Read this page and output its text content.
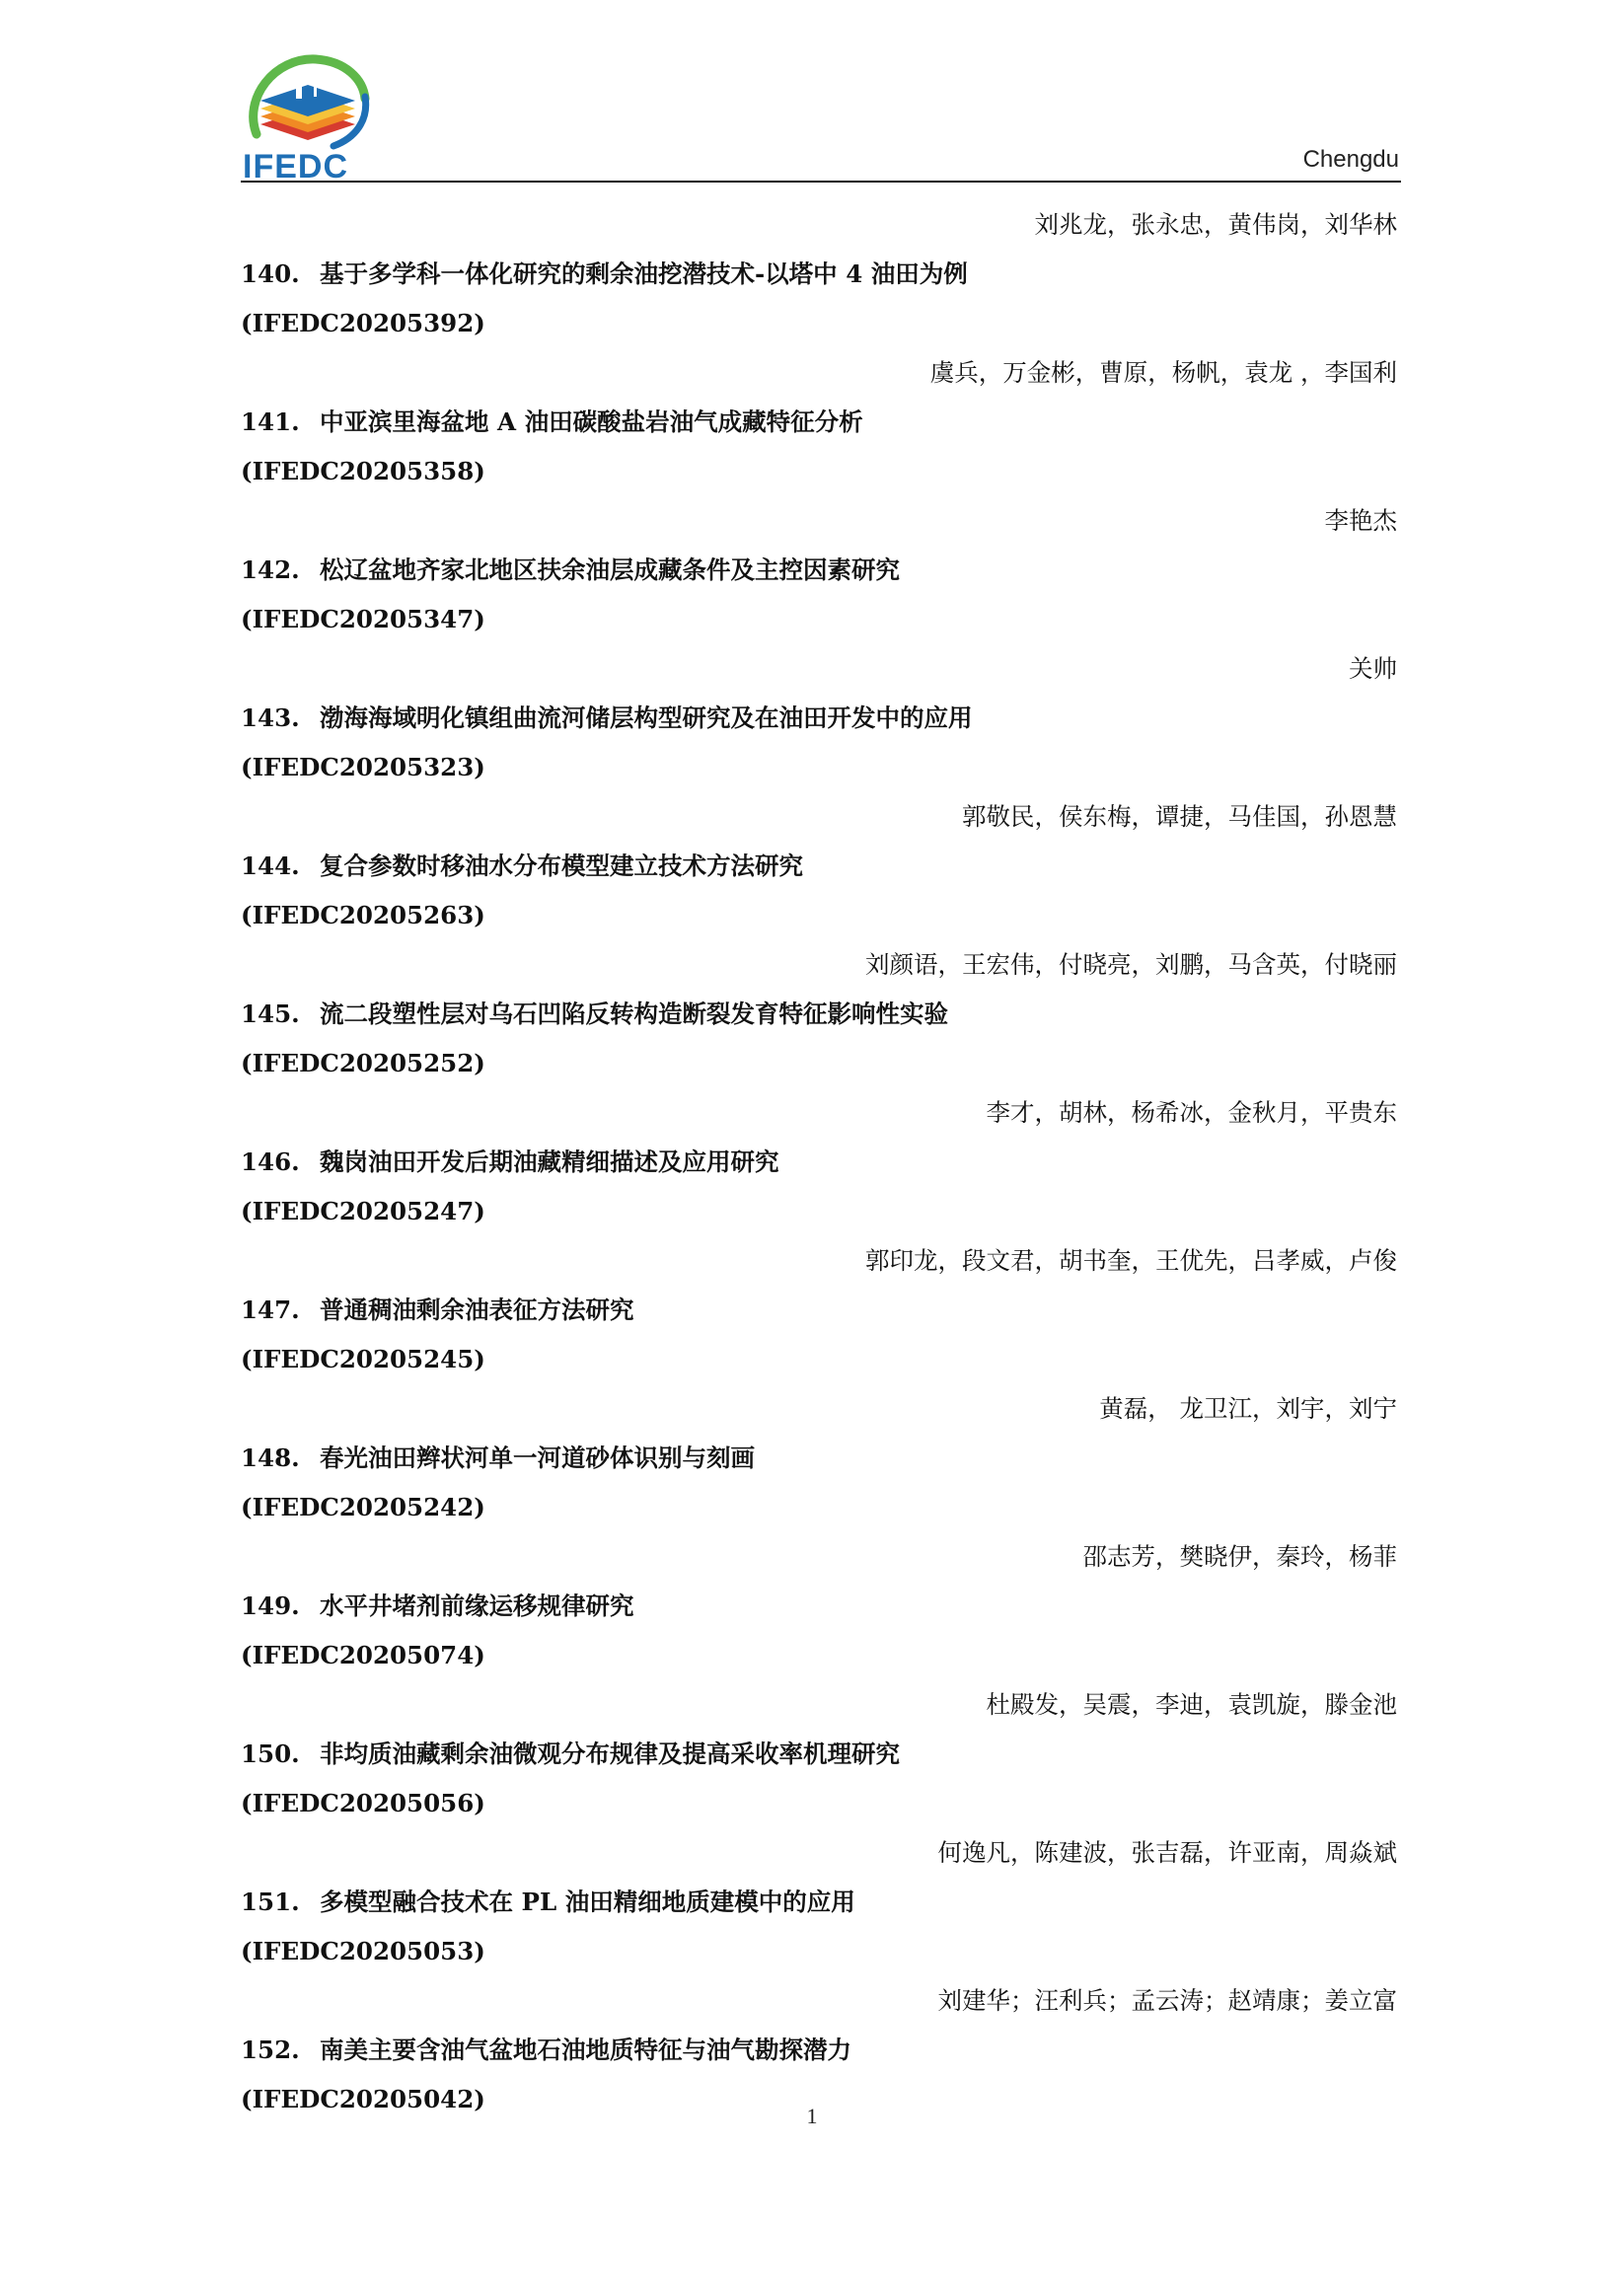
IFEDC	Chengdu
刘兆龙，张永忠，黄伟岗，刘华林
140. 基于多学科一体化研究的剩余油挖潜技术-以塔中 4 油田为例
(IFEDC20205392)
虞兵，万金彬，曹原，杨帆，袁龙 ，李国利
141. 中亚滨里海盆地 A 油田碳酸盐岩油气成藏特征分析
(IFEDC20205358)
李艳杰
142. 松辽盆地齐家北地区扶余油层成藏条件及主控因素研究
(IFEDC20205347)
关帅
143. 渤海海域明化镇组曲流河储层构型研究及在油田开发中的应用
(IFEDC20205323)
郭敬民，侯东梅，谭捷，马佳国，孙恩慧
144. 复合参数时移油水分布模型建立技术方法研究
(IFEDC20205263)
刘颜语，王宏伟，付晓亮，刘鹏，马含英，付晓丽
145. 流二段塑性层对乌石凹陷反转构造断裂发育特征影响性实验
(IFEDC20205252)
李才，胡林，杨希冰，金秋月，平贵东
146. 魏岗油田开发后期油藏精细描述及应用研究
(IFEDC20205247)
郭印龙，段文君，胡书奎，王优先，吕孝威，卢俊
147. 普通稠油剩余油表征方法研究
(IFEDC20205245)
黄磊， 龙卫江，刘宇，刘宁
148. 春光油田辫状河单一河道砂体识别与刻画
(IFEDC20205242)
邵志芳，樊晓伊，秦玲，杨菲
149. 水平井堵剂前缘运移规律研究
(IFEDC20205074)
杜殿发，吴震，李迪，袁凯旋，滕金池
150. 非均质油藏剩余油微观分布规律及提高采收率机理研究
(IFEDC20205056)
何逸凡，陈建波，张吉磊，许亚南，周焱斌
151. 多模型融合技术在 PL 油田精细地质建模中的应用
(IFEDC20205053)
刘建华；汪利兵；孟云涛；赵靖康；姜立富
152. 南美主要含油气盆地石油地质特征与油气勘探潜力
(IFEDC20205042)
1
